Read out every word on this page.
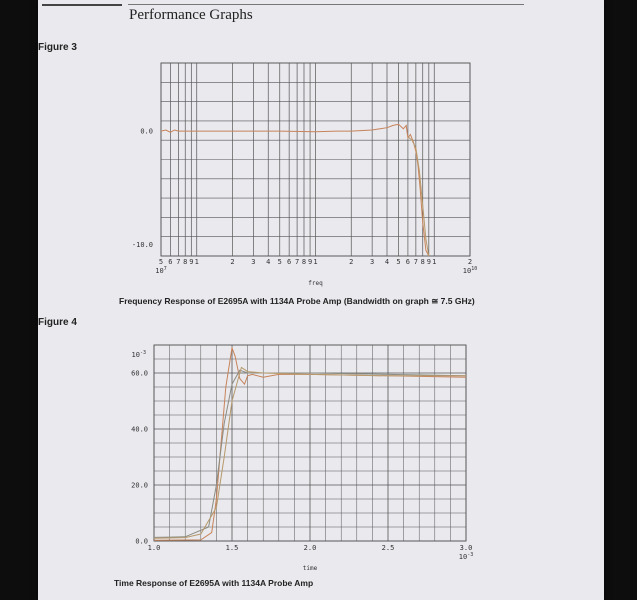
Performance Graphs
Figure 3
Frequency Response of E2695A with 1134A Probe Amp (Bandwidth on graph ≅ 7.5 GHz)
Figure 4
Time Response of E2695A with 1134A Probe Amp
5 6 7 8 9 1	2 3 4 5 6 7 8 9 1	2 3 4 5 6 7 8 9 1	2
0.0
-10.0
$10^7$	$10^{10}$
freq
1.0	1.5	2.0	2.5	3.0
0.0
20.0
40.0
60.0
$10^{-3}$
$10^{-3}$
time
